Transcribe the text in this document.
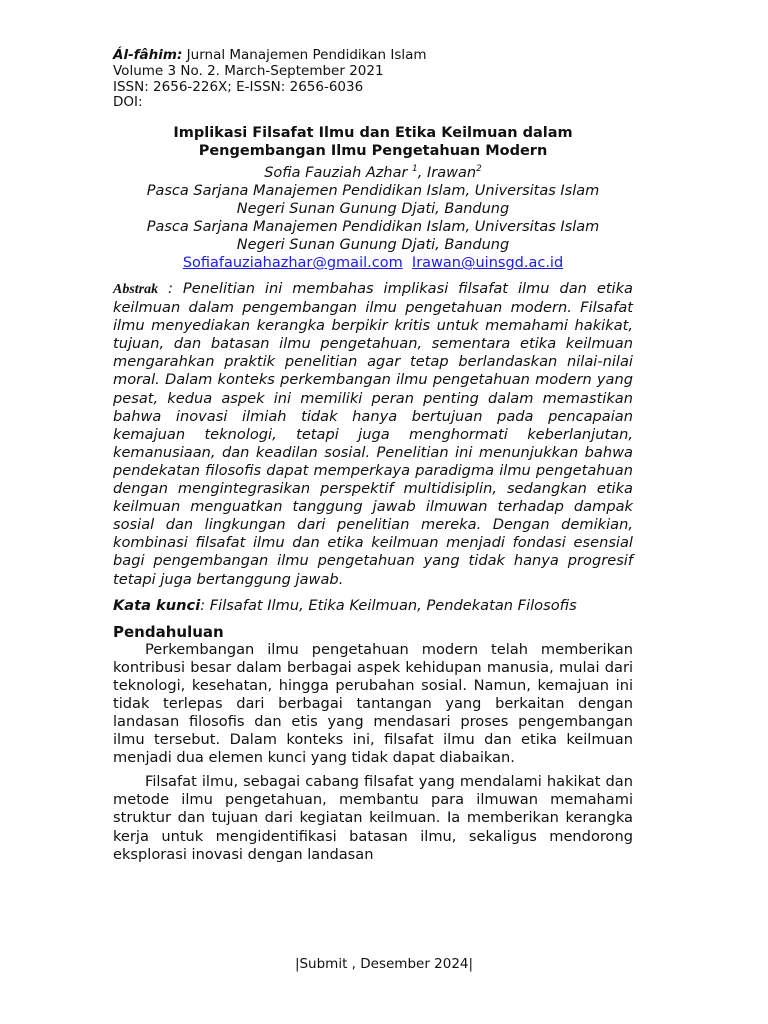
Ál-fâhim: Jurnal Manajemen Pendidikan Islam
Volume 3 No. 2. March-September 2021
ISSN: 2656-226X; E-ISSN: 2656-6036
DOI:
Implikasi Filsafat Ilmu dan Etika Keilmuan dalam
Pengembangan Ilmu Pengetahuan Modern
Sofia Fauziah Azhar $^1$, Irawan$^2$
Pasca Sarjana Manajemen Pendidikan Islam, Universitas Islam
Negeri Sunan Gunung Djati, Bandung
Pasca Sarjana Manajemen Pendidikan Islam, Universitas Islam
Negeri Sunan Gunung Djati, Bandung
Sofiafauziahazhar@gmail.com Irawan@uinsgd.ac.id
Abstrak : Penelitian ini membahas implikasi filsafat ilmu dan etika keilmuan dalam pengembangan ilmu pengetahuan modern. Filsafat ilmu menyediakan kerangka berpikir kritis untuk memahami hakikat, tujuan, dan batasan ilmu pengetahuan, sementara etika keilmuan mengarahkan praktik penelitian agar tetap berlandaskan nilai-nilai moral. Dalam konteks perkembangan ilmu pengetahuan modern yang pesat, kedua aspek ini memiliki peran penting dalam memastikan bahwa inovasi ilmiah tidak hanya bertujuan pada pencapaian kemajuan teknologi, tetapi juga menghormati keberlanjutan, kemanusiaan, dan keadilan sosial. Penelitian ini menunjukkan bahwa pendekatan filosofis dapat memperkaya paradigma ilmu pengetahuan dengan mengintegrasikan perspektif multidisiplin, sedangkan etika keilmuan menguatkan tanggung jawab ilmuwan terhadap dampak sosial dan lingkungan dari penelitian mereka. Dengan demikian, kombinasi filsafat ilmu dan etika keilmuan menjadi fondasi esensial bagi pengembangan ilmu pengetahuan yang tidak hanya progresif tetapi juga bertanggung jawab.
Kata kunci: Filsafat Ilmu, Etika Keilmuan, Pendekatan Filosofis
Pendahuluan

Perkembangan ilmu pengetahuan modern telah memberikan kontribusi besar dalam berbagai aspek kehidupan manusia, mulai dari teknologi, kesehatan, hingga perubahan sosial. Namun, kemajuan ini tidak terlepas dari berbagai tantangan yang berkaitan dengan landasan filosofis dan etis yang mendasari proses pengembangan ilmu tersebut. Dalam konteks ini, filsafat ilmu dan etika keilmuan menjadi dua elemen kunci yang tidak dapat diabaikan.

Filsafat ilmu, sebagai cabang filsafat yang mendalami hakikat dan metode ilmu pengetahuan, membantu para ilmuwan memahami struktur dan tujuan dari kegiatan keilmuan. Ia memberikan kerangka kerja untuk mengidentifikasi batasan ilmu, sekaligus mendorong eksplorasi inovasi dengan landasan

|Submit , Desember 2024|
